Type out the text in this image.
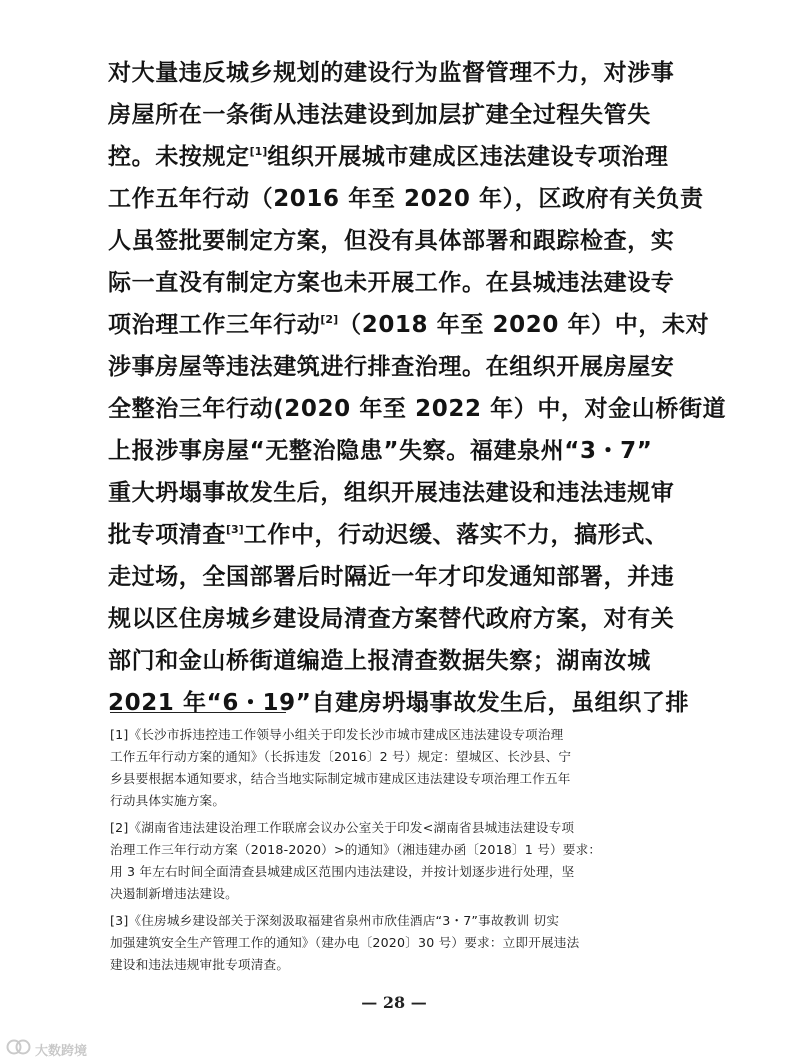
对大量违反城乡规划的建设行为监督管理不力，对涉事
房屋所在一条街从违法建设到加层扩建全过程失管失
控。未按规定[1]组织开展城市建成区违法建设专项治理
工作五年行动（2016 年至 2020 年），区政府有关负责
人虽签批要制定方案，但没有具体部署和跟踪检查，实
际一直没有制定方案也未开展工作。在县城违法建设专
项治理工作三年行动[2]（2018 年至 2020 年）中，未对
涉事房屋等违法建筑进行排查治理。在组织开展房屋安
全整治三年行动(2020 年至 2022 年）中，对金山桥街道
上报涉事房屋“无整治隐患”失察。福建泉州“3・7”
重大坍塌事故发生后，组织开展违法建设和违法违规审
批专项清查[3]工作中，行动迟缓、落实不力，搞形式、
走过场，全国部署后时隔近一年才印发通知部署，并违
规以区住房城乡建设局清查方案替代政府方案，对有关
部门和金山桥街道编造上报清查数据失察；湖南汝城
2021 年“6・19”自建房坍塌事故发生后，虽组织了排
[1]《长沙市拆违控违工作领导小组关于印发长沙市城市建成区违法建设专项治理
工作五年行动方案的通知》（长拆违发〔2016〕2 号）规定：望城区、长沙县、宁
乡县要根据本通知要求，结合当地实际制定城市建成区违法建设专项治理工作五年
行动具体实施方案。
[2]《湖南省违法建设治理工作联席会议办公室关于印发<湖南省县城违法建设专项
治理工作三年行动方案（2018-2020）>的通知》（湘违建办函〔2018〕1 号）要求：
用 3 年左右时间全面清查县城建成区范围内违法建设，并按计划逐步进行处理，坚
决遏制新增违法建设。
[3]《住房城乡建设部关于深刻汲取福建省泉州市欣佳酒店“3・7”事故教训 切实
加强建筑安全生产管理工作的通知》（建办电〔2020〕30 号）要求：立即开展违法
建设和违法违规审批专项清查。
— 28 —
大数跨境
